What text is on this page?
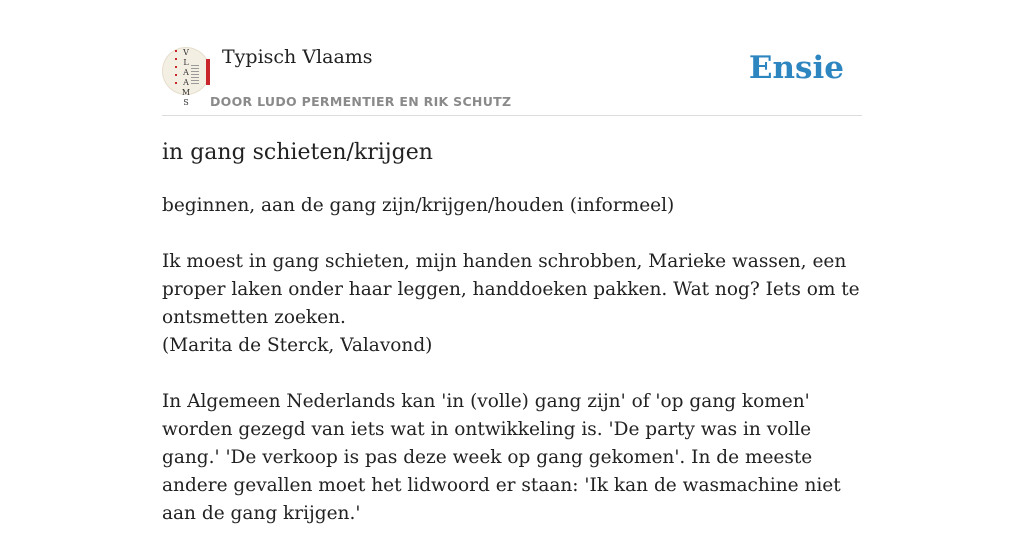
V
L
A
A
M
S
Typisch Vlaams
DOOR LUDO PERMENTIER EN RIK SCHUTZ
Ensie
in gang schieten/krijgen

beginnen, aan de gang zijn/krijgen/houden (informeel)

Ik moest in gang schieten, mijn handen schrobben, Marieke wassen, een proper laken onder haar leggen, handdoeken pakken. Wat nog? Iets om te ontsmetten zoeken.
(Marita de Sterck, Valavond)

In Algemeen Nederlands kan 'in (volle) gang zijn' of 'op gang komen' worden gezegd van iets wat in ontwikkeling is. 'De party was in volle gang.' 'De verkoop is pas deze week op gang gekomen'. In de meeste andere gevallen moet het lidwoord er staan: 'Ik kan de wasmachine niet aan de gang krijgen.'
